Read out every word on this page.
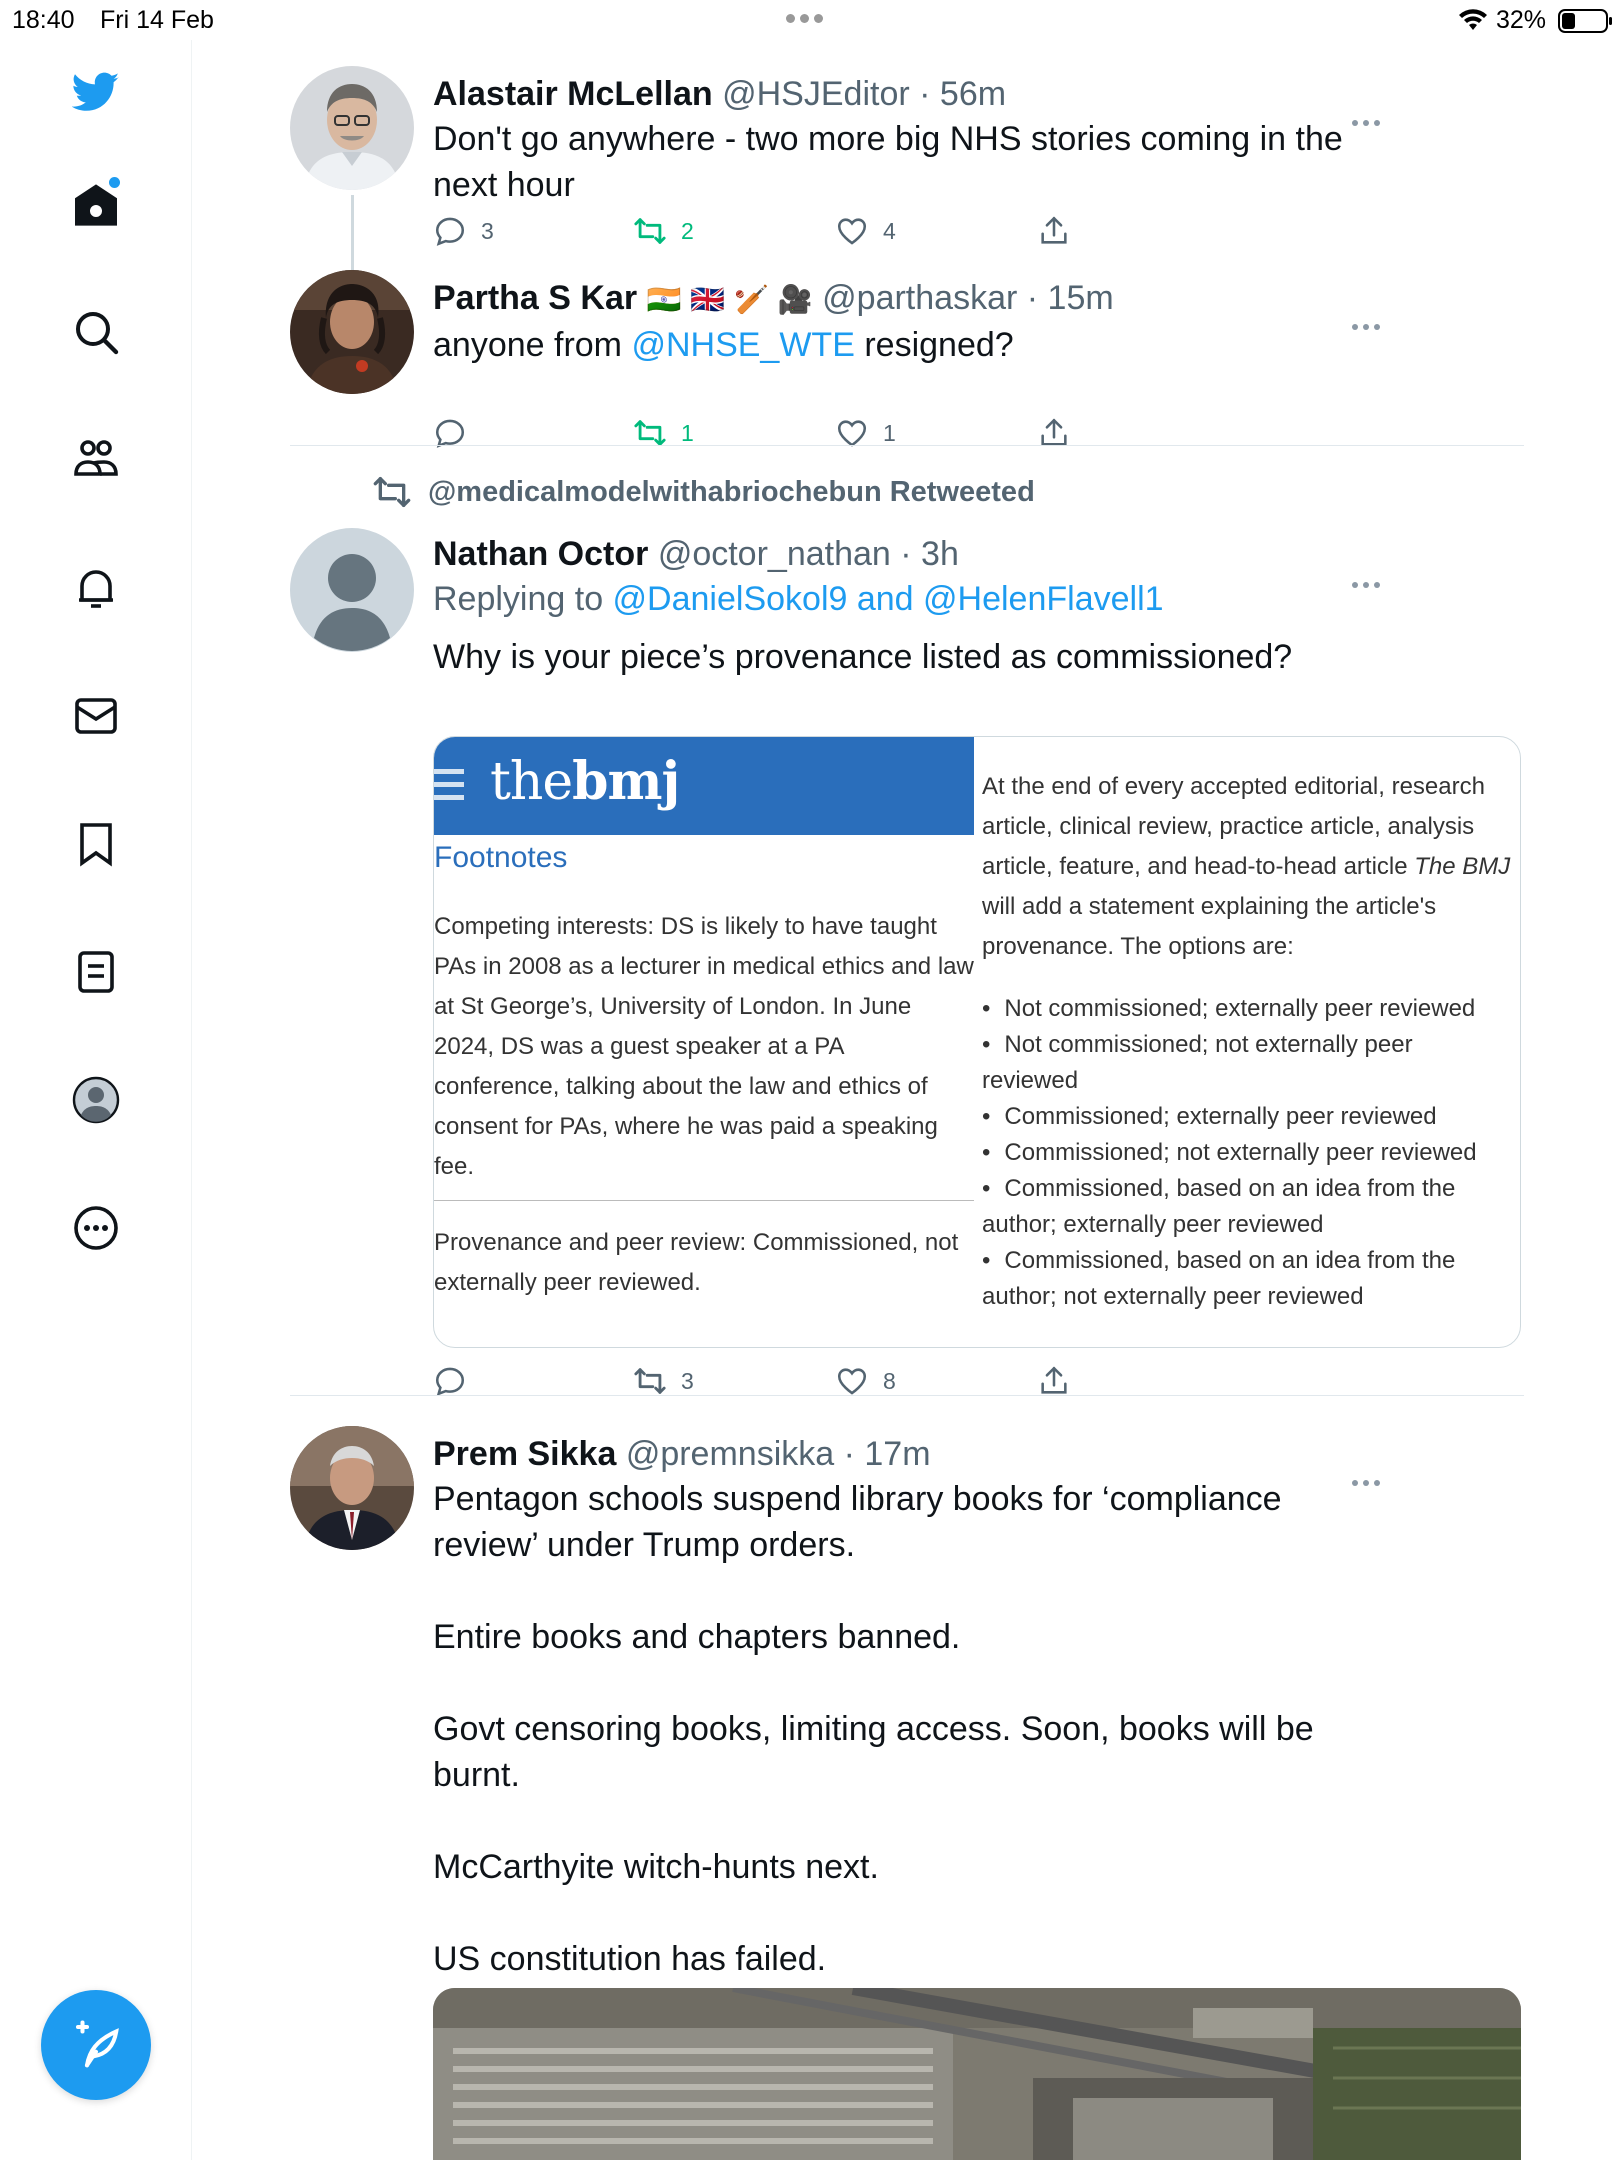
18:40 Fri 14 Feb	32%
Alastair McLellan @HSJEditor · 56m
Don't go anywhere - two more big NHS stories coming in the next hour
3	2	4
Partha S Kar 🇮🇳 🇬🇧 🏏 🎥 @parthaskar · 15m
anyone from @NHSE_WTE resigned?
1	1
@medicalmodelwithabriochebun Retweeted
Nathan Octor @octor_nathan · 3h
Replying to @DanielSokol9 and @HelenFlavell1
Why is your piece’s provenance listed as commissioned?
thebmj
Footnotes
Competing interests: DS is likely to have taught PAs in 2008 as a lecturer in medical ethics and law at St George’s, University of London. In June 2024, DS was a guest speaker at a PA conference, talking about the law and ethics of consent for PAs, where he was paid a speaking fee.
Provenance and peer review: Commissioned, not externally peer reviewed.
At the end of every accepted editorial, research article, clinical review, practice article, analysis article, feature, and head-to-head article The BMJ will add a statement explaining the article's provenance. The options are:
• Not commissioned; externally peer reviewed
• Not commissioned; not externally peer reviewed
• Commissioned; externally peer reviewed
• Commissioned; not externally peer reviewed
• Commissioned, based on an idea from the author; externally peer reviewed
• Commissioned, based on an idea from the author; not externally peer reviewed
3	8
Prem Sikka @premnsikka · 17m

Pentagon schools suspend library books for ‘compliance review’ under Trump orders.

Entire books and chapters banned.

Govt censoring books, limiting access. Soon, books will be burnt.

McCarthyite witch-hunts next.

US constitution has failed.
